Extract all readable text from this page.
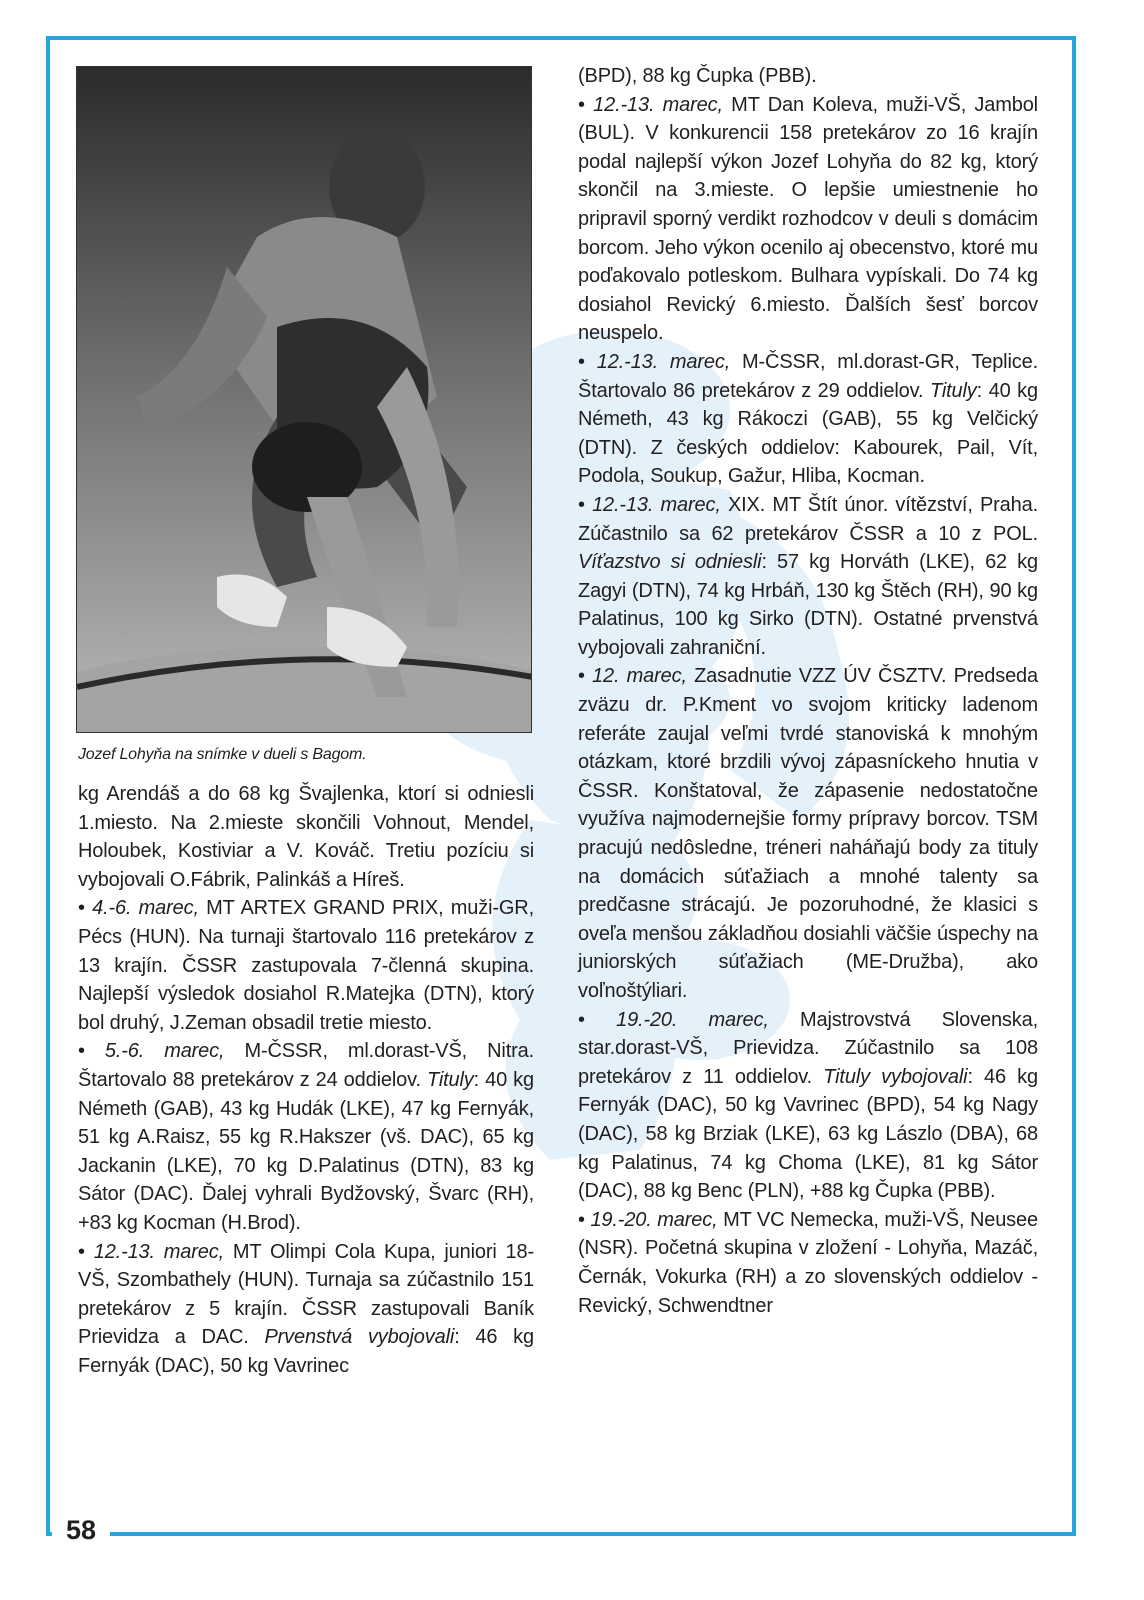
Jozef Lohyňa na snímke v dueli s Bagom.

kg Arendáš a do 68 kg Švajlenka, ktorí si odniesli 1.miesto. Na 2.mieste skončili Vohnout, Mendel, Holoubek, Kostiviar a V. Kováč. Tretiu pozíciu si vybojovali O.Fábrik, Palinkáš a Híreš.

• 4.-6. marec, MT ARTEX GRAND PRIX, muži-GR, Pécs (HUN). Na turnaji štartovalo 116 pretekárov z 13 krajín. ČSSR zastupovala 7-členná skupina. Najlepší výsledok dosiahol R.Matejka (DTN), ktorý bol druhý, J.Zeman obsadil tretie miesto.

• 5.-6. marec, M-ČSSR, ml.dorast-VŠ, Nitra. Štartovalo 88 pretekárov z 24 oddielov. Tituly: 40 kg Németh (GAB), 43 kg Hudák (LKE), 47 kg Fernyák, 51 kg A.Raisz, 55 kg R.Hakszer (vš. DAC), 65 kg Jackanin (LKE), 70 kg D.Palatinus (DTN), 83 kg Sátor (DAC). Ďalej vyhrali Bydžovský, Švarc (RH), +83 kg Kocman (H.Brod).

• 12.-13. marec, MT Olimpi Cola Kupa, juniori 18-VŠ, Szombathely (HUN). Turnaja sa zúčastnilo 151 pretekárov z 5 krajín. ČSSR zastupovali Baník Prievidza a DAC. Prvenstvá vybojovali: 46 kg Fernyák (DAC), 50 kg Vavrinec

(BPD), 88 kg Čupka (PBB).

• 12.-13. marec, MT Dan Koleva, muži-VŠ, Jambol (BUL). V konkurencii 158 pretekárov zo 16 krajín podal najlepší výkon Jozef Lohyňa do 82 kg, ktorý skončil na 3.mieste. O lepšie umiestnenie ho pripravil sporný verdikt rozhodcov v deuli s domácim borcom. Jeho výkon ocenilo aj obecenstvo, ktoré mu poďakovalo potleskom. Bulhara vypískali. Do 74 kg dosiahol Revický 6.miesto. Ďalších šesť borcov neuspelo.

• 12.-13. marec, M-ČSSR, ml.dorast-GR, Teplice. Štartovalo 86 pretekárov z 29 oddielov. Tituly: 40 kg Németh, 43 kg Rákoczi (GAB), 55 kg Velčický (DTN). Z českých oddielov: Kabourek, Pail, Vít, Podola, Soukup, Gažur, Hliba, Kocman.

• 12.-13. marec, XIX. MT Štít únor. vítězství, Praha. Zúčastnilo sa 62 pretekárov ČSSR a 10 z POL. Víťazstvo si odniesli: 57 kg Horváth (LKE), 62 kg Zagyi (DTN), 74 kg Hrbáň, 130 kg Štěch (RH), 90 kg Palatinus, 100 kg Sirko (DTN). Ostatné prvenstvá vybojovali zahraniční.

• 12. marec, Zasadnutie VZZ ÚV ČSZTV. Predseda zväzu dr. P.Kment vo svojom kriticky ladenom referáte zaujal veľmi tvrdé stanoviská k mnohým otázkam, ktoré brzdili vývoj zápasníckeho hnutia v ČSSR. Konštatoval, že zápasenie nedostatočne využíva najmodernejšie formy prípravy borcov. TSM pracujú nedôsledne, tréneri naháňajú body za tituly na domácich súťažiach a mnohé talenty sa predčasne strácajú. Je pozoruhodné, že klasici s oveľa menšou základňou dosiahli väčšie úspechy na juniorských súťažiach (ME-Družba), ako voľnoštýliari.

• 19.-20. marec, Majstrovstvá Slovenska, star.dorast-VŠ, Prievidza. Zúčastnilo sa 108 pretekárov z 11 oddielov. Tituly vybojovali: 46 kg Fernyák (DAC), 50 kg Vavrinec (BPD), 54 kg Nagy (DAC), 58 kg Brziak (LKE), 63 kg Lászlo (DBA), 68 kg Palatinus, 74 kg Choma (LKE), 81 kg Sátor (DAC), 88 kg Benc (PLN), +88 kg Čupka (PBB).

• 19.-20. marec, MT VC Nemecka, muži-VŠ, Neusee (NSR). Početná skupina v zložení - Lohyňa, Mazáč, Černák, Vokurka (RH) a zo slovenských oddielov - Revický, Schwendtner

58
